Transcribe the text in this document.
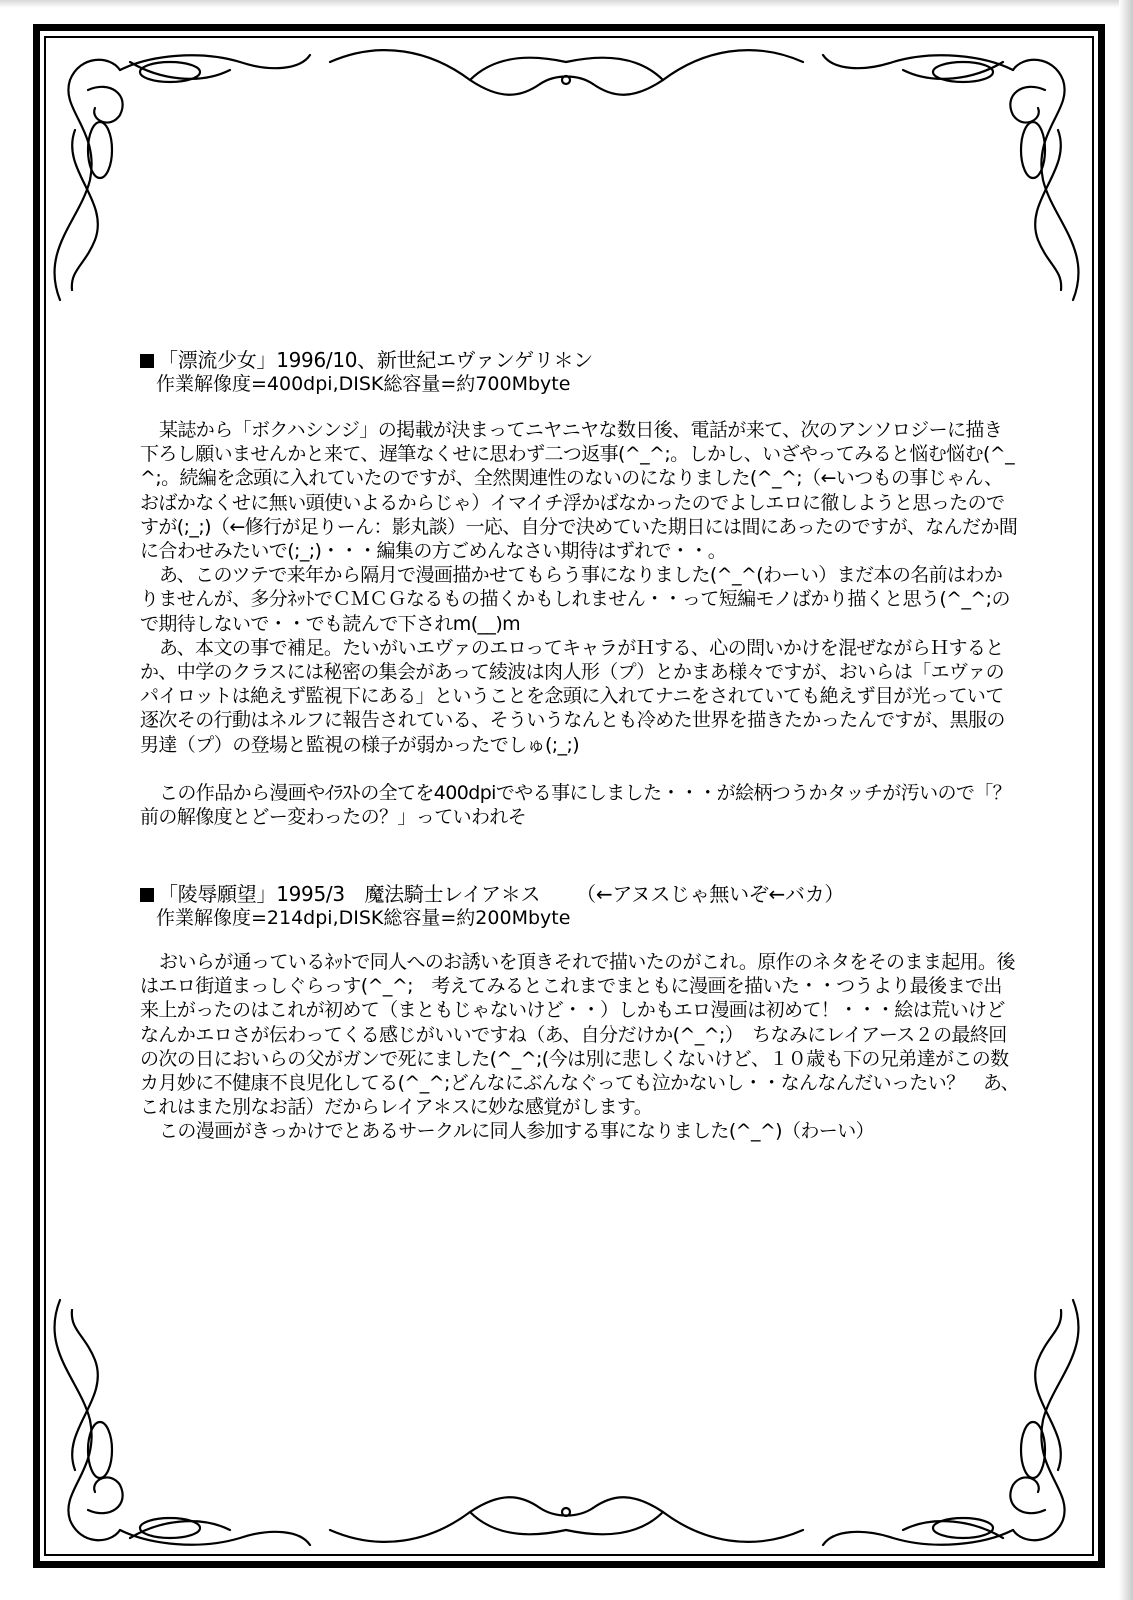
「漂流少女」1996/10、新世紀エヴァンゲリ＊ン
作業解像度=400dpi,DISK総容量=約700Mbyte

某誌から「ボクハシンジ」の掲載が決まってニヤニヤな数日後、電話が来て、次のアンソロジーに描き下ろし願いませんかと来て、遅筆なくせに思わず二つ返事(^_^;。しかし、いざやってみると悩む悩む(^_^;。続編を念頭に入れていたのですが、全然関連性のないのになりました(^_^;（←いつもの事じゃん、おばかなくせに無い頭使いよるからじゃ）イマイチ浮かばなかったのでよしエロに徹しようと思ったのですが(;_;)（←修行が足りーん：影丸談）一応、自分で決めていた期日には間にあったのですが、なんだか間に合わせみたいで(;_;)・・・編集の方ごめんなさい期待はずれで・・。

あ、このツテで来年から隔月で漫画描かせてもらう事になりました(^_^(わーい）まだ本の名前はわかりませんが、多分ﾈｯﾄでＣＭＣＧなるもの描くかもしれません・・って短編モノばかり描くと思う(^_^;ので期待しないで・・でも読んで下されm(__)m

あ、本文の事で補足。たいがいエヴァのエロってキャラがＨする、心の問いかけを混ぜながらＨするとか、中学のクラスには秘密の集会があって綾波は肉人形（プ）とかまあ様々ですが、おいらは「エヴァのパイロットは絶えず監視下にある」ということを念頭に入れてナニをされていても絶えず目が光っていて逐次その行動はネルフに報告されている、そういうなんとも冷めた世界を描きたかったんですが、黒服の男達（プ）の登場と監視の様子が弱かったでしゅ(;_;)

この作品から漫画やｲﾗｽﾄの全てを400dpiでやる事にしました・・・が絵柄つうかタッチが汚いので「？前の解像度とどー変わったの？」っていわれそ

「陵辱願望」1995/3　魔法騎士レイア＊ス （←アヌスじゃ無いぞ←バカ）
作業解像度=214dpi,DISK総容量=約200Mbyte

おいらが通っているﾈｯﾄで同人へのお誘いを頂きそれで描いたのがこれ。原作のネタをそのまま起用。後はエロ街道まっしぐらっす(^_^;　考えてみるとこれまでまともに漫画を描いた・・つうより最後まで出来上がったのはこれが初めて（まともじゃないけど・・）しかもエロ漫画は初めて！・・・絵は荒いけどなんかエロさが伝わってくる感じがいいですね（あ、自分だけか(^_^;）　ちなみにレイアース２の最終回の次の日においらの父がガンで死にました(^_^;(今は別に悲しくないけど、１０歳も下の兄弟達がこの数カ月妙に不健康不良児化してる(^_^;どんなにぶんなぐっても泣かないし・・なんなんだいったい？　あ、これはまた別なお話）だからレイア＊スに妙な感覚がします。

この漫画がきっかけでとあるサークルに同人参加する事になりました(^_^)（わーい）
